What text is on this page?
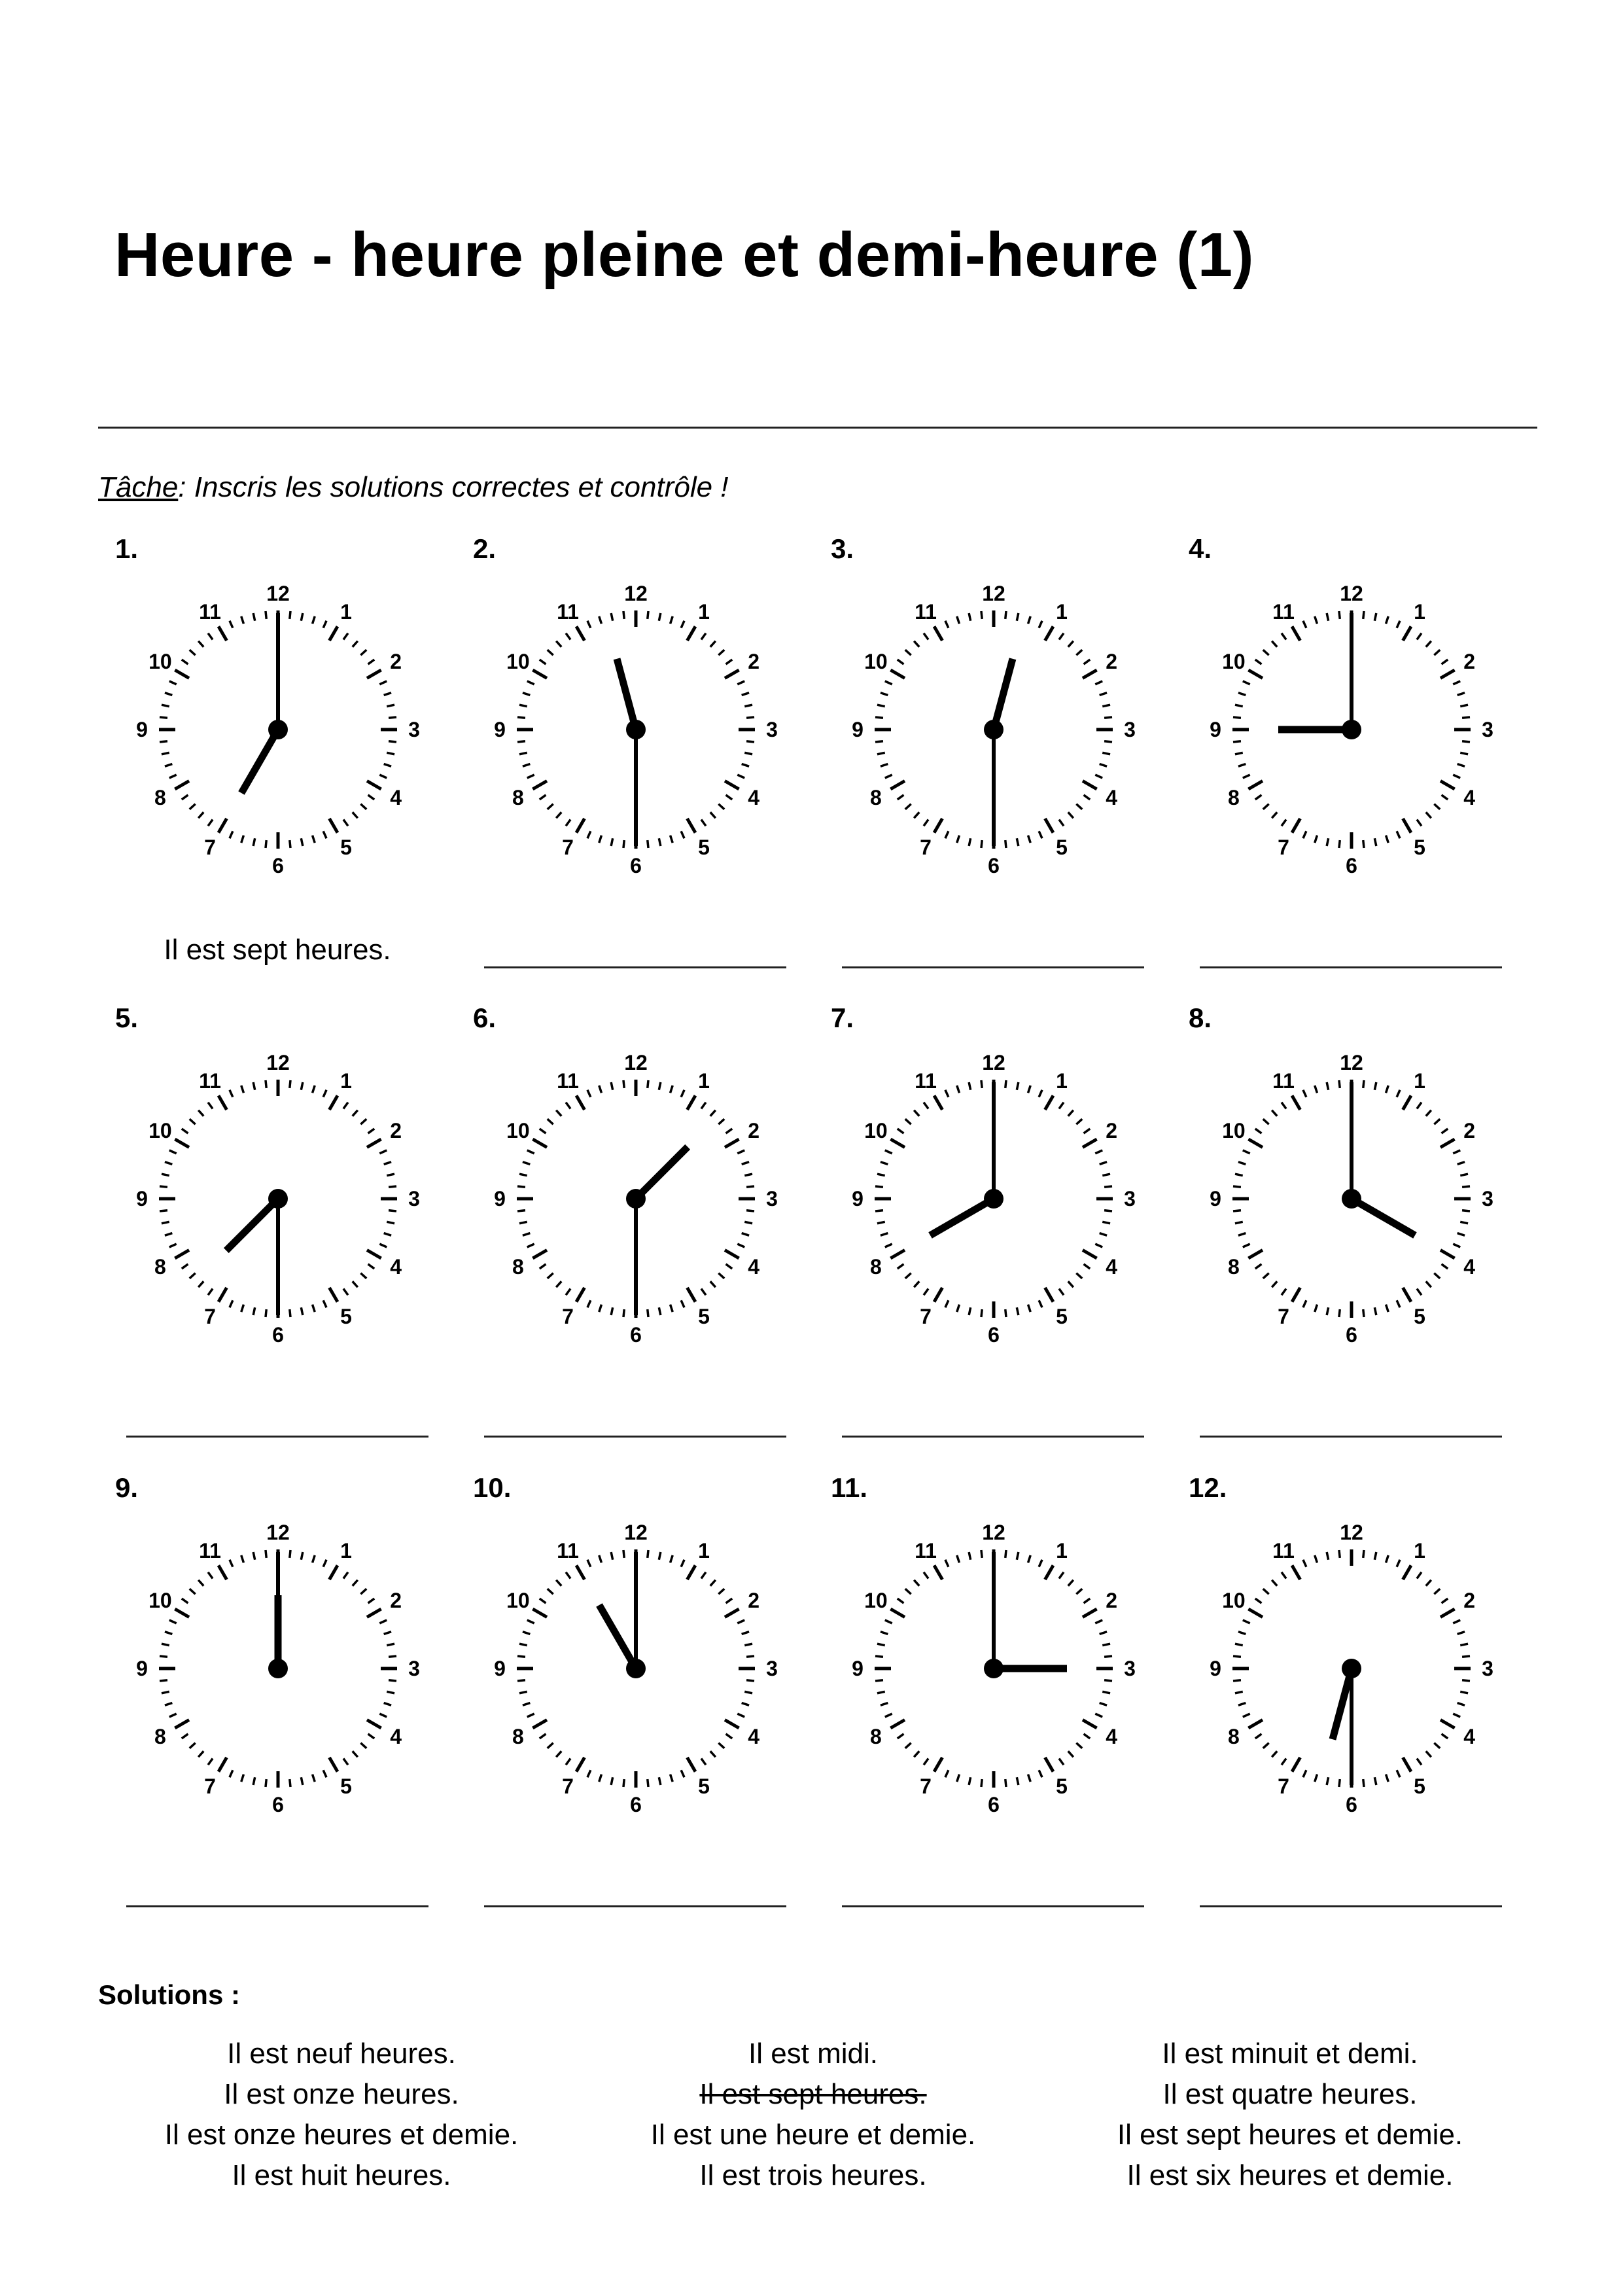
Heure - heure pleine et demi-heure (1)
Tâche: Inscris les solutions correctes et contrôle !
1.
12
1
2
3
4
5
6
7
8
9
10
11
Il est sept heures.
2.
12
1
2
3
4
5
6
7
8
9
10
11
3.
12
1
2
3
4
5
6
7
8
9
10
11
4.
12
1
2
3
4
5
6
7
8
9
10
11
5.
12
1
2
3
4
5
6
7
8
9
10
11
6.
12
1
2
3
4
5
6
7
8
9
10
11
7.
12
1
2
3
4
5
6
7
8
9
10
11
8.
12
1
2
3
4
5
6
7
8
9
10
11
9.
12
1
2
3
4
5
6
7
8
9
10
11
10.
12
1
2
3
4
5
6
7
8
9
10
11
11.
12
1
2
3
4
5
6
7
8
9
10
11
12.
12
1
2
3
4
5
6
7
8
9
10
11
Solutions :
Il est neuf heures.
Il est onze heures.
Il est onze heures et demie.
Il est huit heures.
Il est midi.
Il est sept heures.
Il est une heure et demie.
Il est trois heures.
Il est minuit et demi.
Il est quatre heures.
Il est sept heures et demie.
Il est six heures et demie.
